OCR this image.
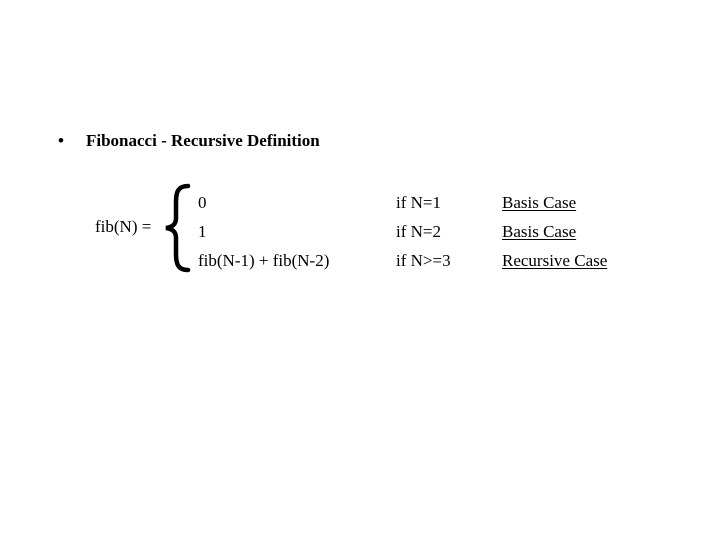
• Fibonacci - Recursive Definition
fib(N) =
0
1
fib(N-1) + fib(N-2)
if N=1
if N=2
if N>=3
Basis Case
Basis Case
Recursive Case
